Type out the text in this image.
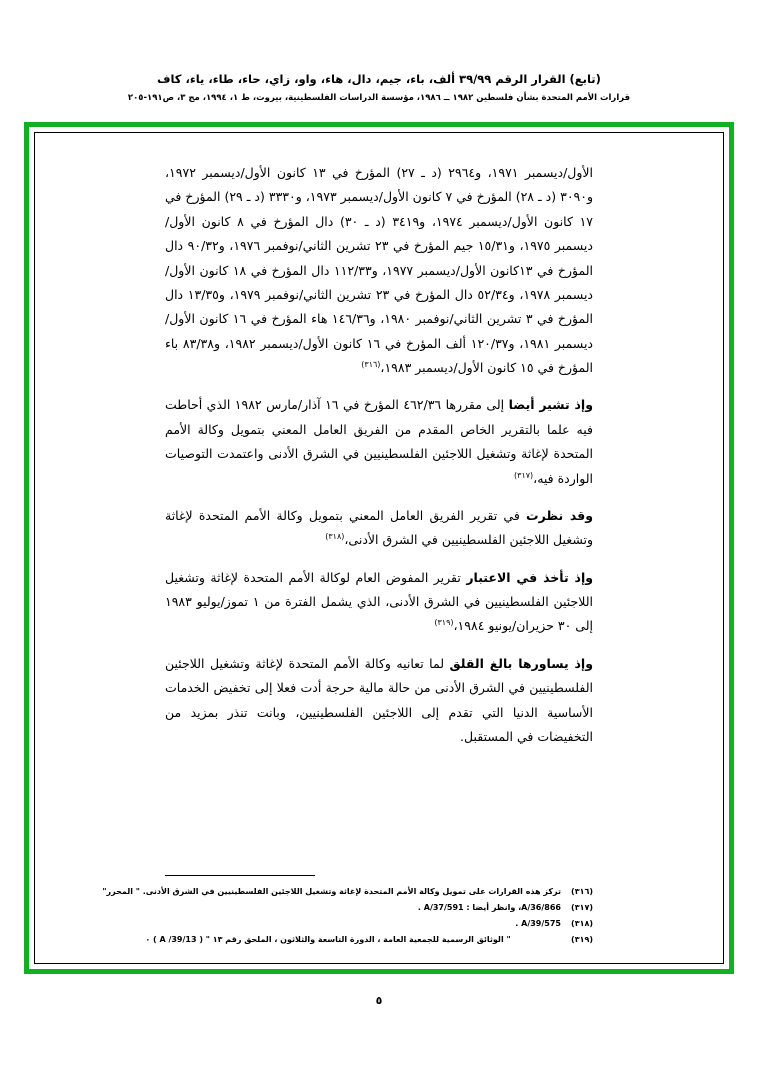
(تابع) القرار الرقم ٣٩/٩٩ ألف، باء، جيم، دال، هاء، واو، زاي، حاء، طاء، ياء، كاف
قرارات الأمم المتحدة بشأن فلسطين ١٩٨٢ ــ ١٩٨٦، مؤسسة الدراسات الفلسطينية، بيروت، ط ١، ١٩٩٤، مج ٣، ص١٩١-٢٠٥

الأول/ديسمبر ١٩٧١، و٢٩٦٤ (د ـ ٢٧) المؤرخ في ١٣ كانون الأول/ديسمبر ١٩٧٢، و٣٠٩٠ (د ـ ٢٨) المؤرخ في ٧ كانون الأول/ديسمبر ١٩٧٣، و٣٣٣٠ (د ـ ٢٩) المؤرخ في ١٧ كانون الأول/ديسمبر ١٩٧٤، و٣٤١٩ (د ـ ٣٠) دال المؤرخ في ٨ كانون الأول/ديسمبر ١٩٧٥، و١٥/٣١ جيم المؤرخ في ٢٣ تشرين الثاني/نوفمبر ١٩٧٦، و٩٠/٣٢ دال المؤرخ في ١٣كانون الأول/ديسمبر ١٩٧٧، و١١٢/٣٣ دال المؤرخ في ١٨ كانون الأول/ديسمبر ١٩٧٨، و٥٢/٣٤ دال المؤرخ في ٢٣ تشرين الثاني/نوفمبر ١٩٧٩، و١٣/٣٥ دال المؤرخ في ٣ تشرين الثاني/نوفمبر ١٩٨٠، و١٤٦/٣٦ هاء المؤرخ في ١٦ كانون الأول/ديسمبر ١٩٨١، و١٢٠/٣٧ ألف المؤرخ في ١٦ كانون الأول/ديسمبر ١٩٨٢، و٨٣/٣٨ باء المؤرخ في ١٥ كانون الأول/ديسمبر ١٩٨٣،$^{(٣١٦)}$

وإذ تشير أيضا إلى مقررها ٤٦٢/٣٦ المؤرخ في ١٦ آذار/مارس ١٩٨٢ الذي أحاطت فيه علما بالتقرير الخاص المقدم من الفريق العامل المعني بتمويل وكالة الأمم المتحدة لإغاثة وتشغيل اللاجئين الفلسطينيين في الشرق الأدنى واعتمدت التوصيات الواردة فيه،$^{(٣١٧)}$

وقد نظرت في تقرير الفريق العامل المعني بتمويل وكالة الأمم المتحدة لإغاثة وتشغيل اللاجئين الفلسطينيين في الشرق الأدنى،$^{(٣١٨)}$

وإذ تأخذ في الاعتبار تقرير المفوض العام لوكالة الأمم المتحدة لإغاثة وتشغيل اللاجئين الفلسطينيين في الشرق الأدنى، الذي يشمل الفترة من ١ تموز/يوليو ١٩٨٣ إلى ٣٠ حزيران/يونيو ١٩٨٤،$^{(٣١٩)}$

وإذ يساورها بالغ القلق لما تعانيه وكالة الأمم المتحدة لإغاثة وتشغيل اللاجئين الفلسطينيين في الشرق الأدنى من حالة مالية حرجة أدت فعلا إلى تخفيض الخدمات الأساسية الدنيا التي تقدم إلى اللاجئين الفلسطينيين، وبانت تنذر بمزيد من التخفيضات في المستقبل.

(٣١٦)
تركز هذه القرارات على تمويل وكالة الأمم المتحدة لإغاثة وتشغيل اللاجئين الفلسطينيين في الشرق الأدنى. " المحرر"
(٣١٧)
A/36/866، وانظر أيضا : A/37/591 .
(٣١٨)
A/39/575 .
(٣١٩)
" الوثائق الرسمية للجمعية العامة ، الدورة التاسعة والثلاثون ، الملحق رقم ١٣ " ( A /39/13 ) ٠
٥
